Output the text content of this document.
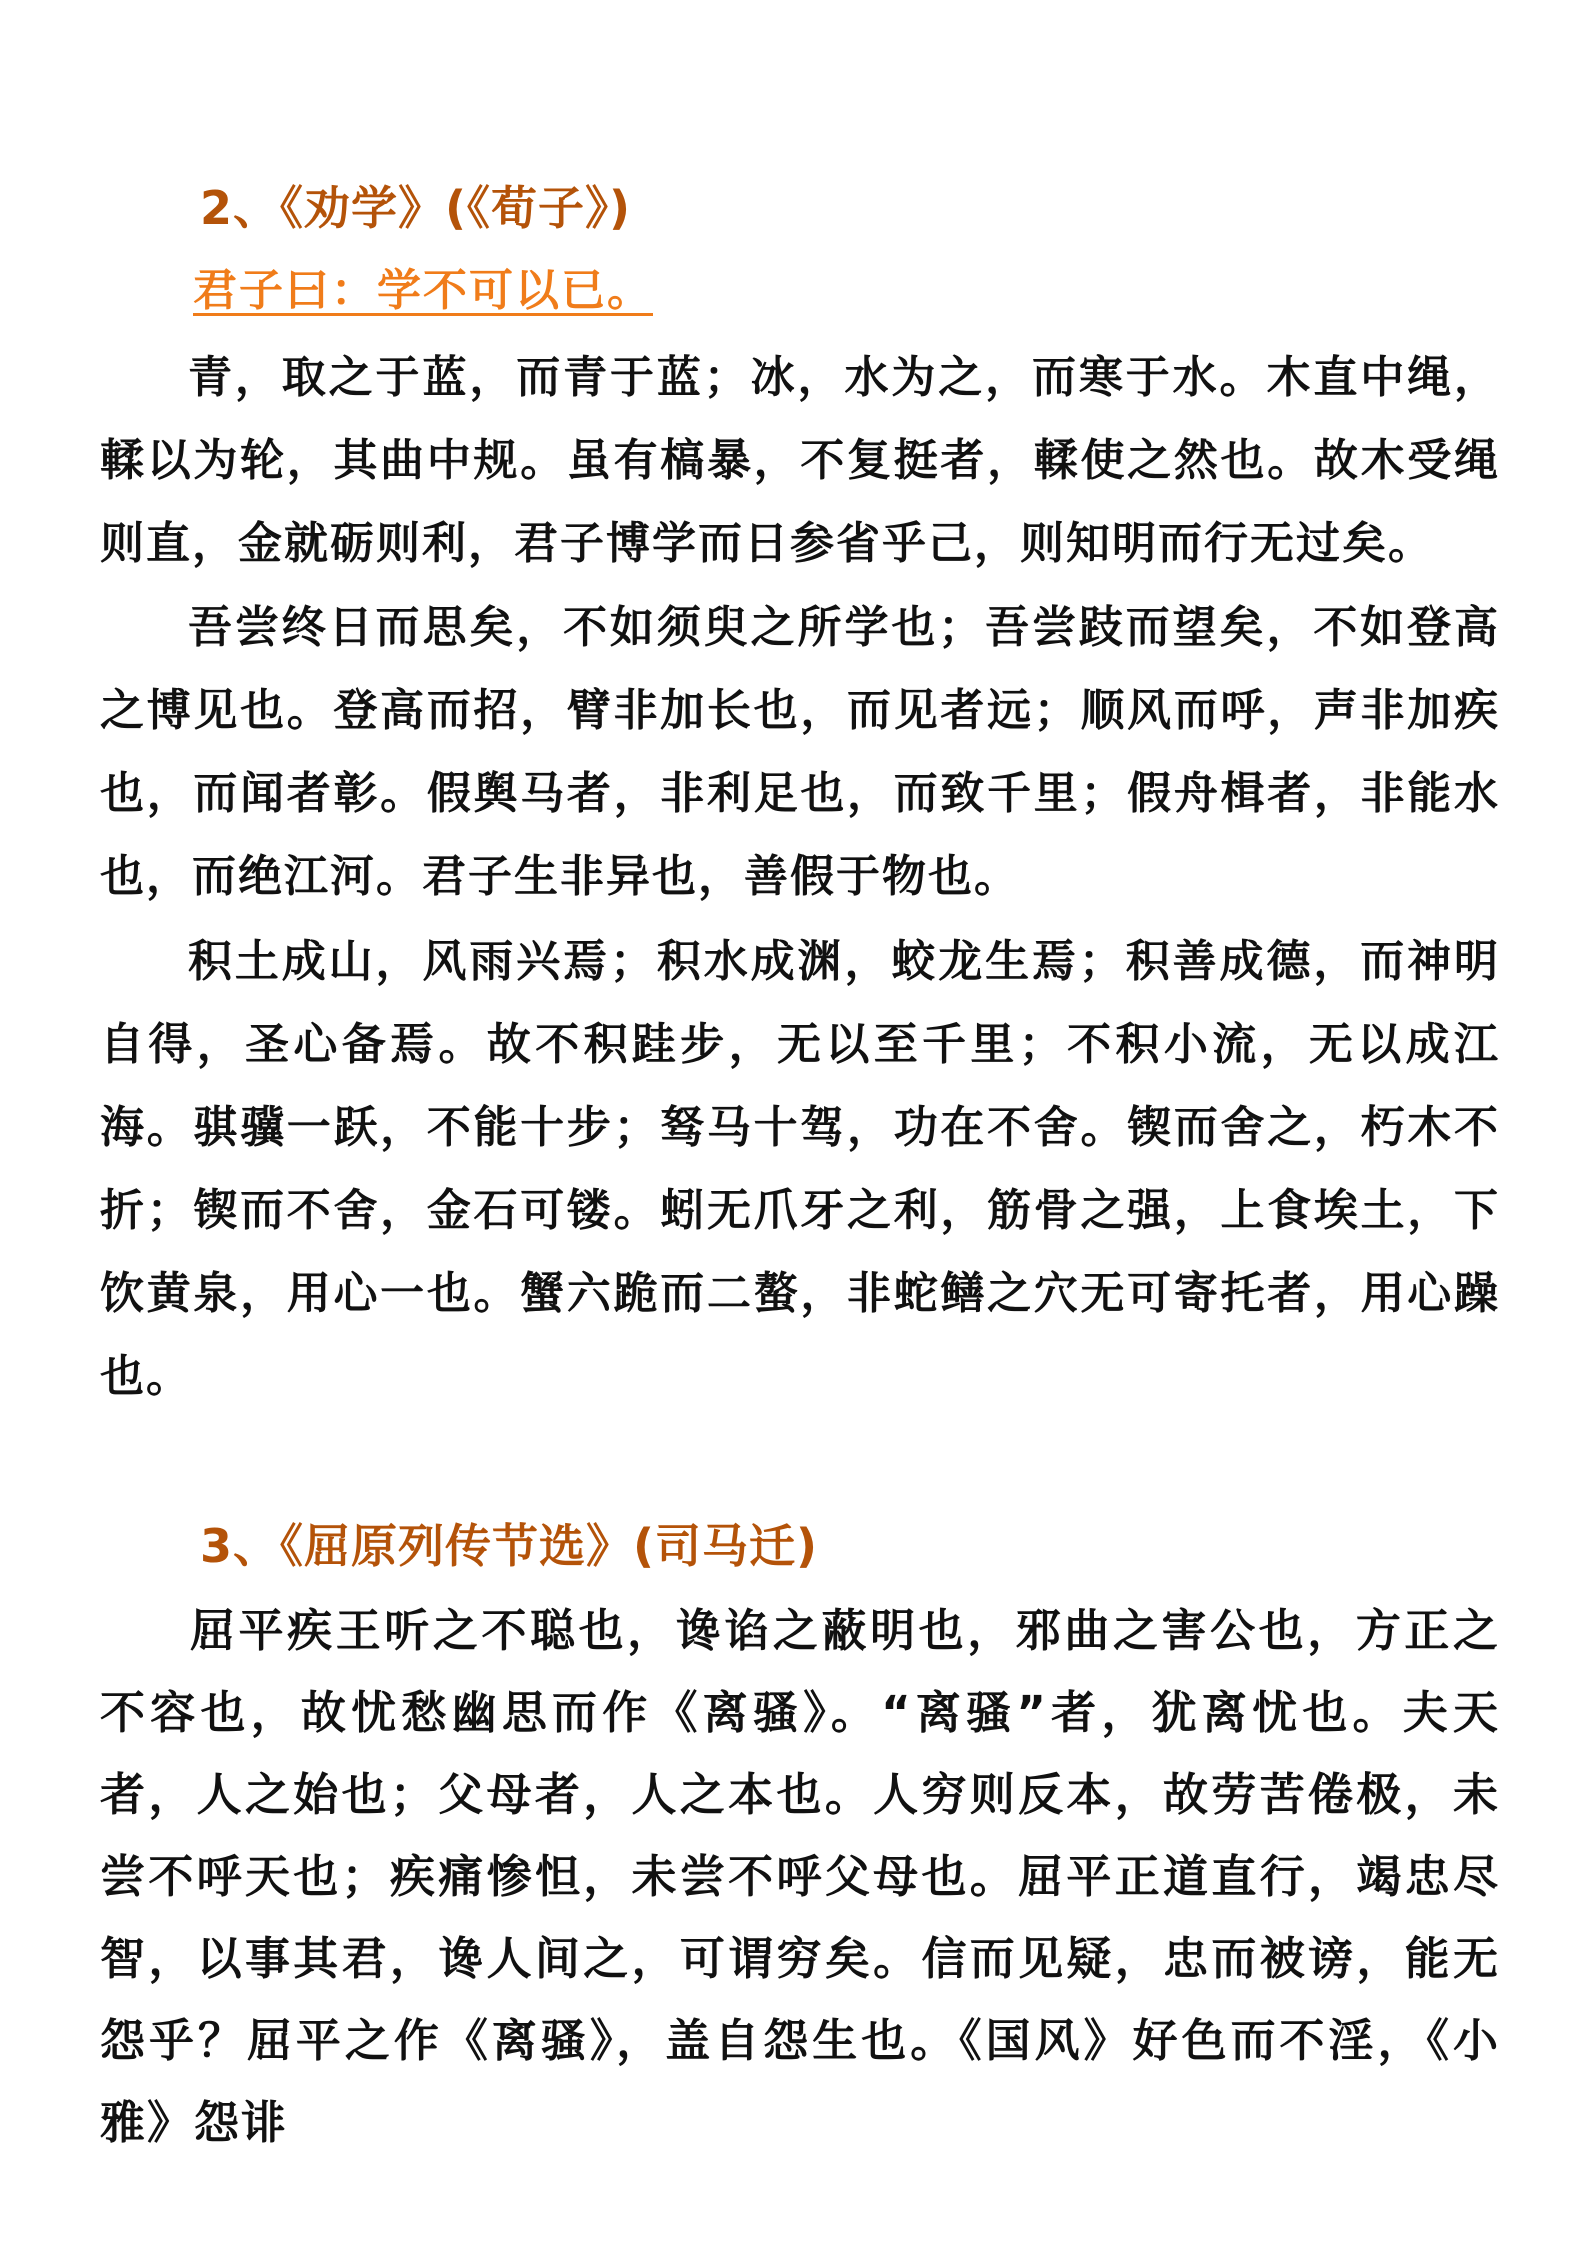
2、《劝学》(《荀子》)
君子曰：学不可以已。

青，取之于蓝，而青于蓝；冰，水为之，而寒于水。木直中绳，輮以为轮，其曲中规。虽有槁暴，不复挺者，輮使之然也。故木受绳则直，金就砺则利，君子博学而日参省乎己，则知明而行无过矣。

吾尝终日而思矣，不如须臾之所学也；吾尝跂而望矣，不如登高之博见也。登高而招，臂非加长也，而见者远；顺风而呼，声非加疾也，而闻者彰。假舆马者，非利足也，而致千里；假舟楫者，非能水也，而绝江河。君子生非异也，善假于物也。

积土成山，风雨兴焉；积水成渊，蛟龙生焉；积善成德，而神明自得，圣心备焉。故不积跬步，无以至千里；不积小流，无以成江海。骐骥一跃，不能十步；驽马十驾，功在不舍。锲而舍之，朽木不折；锲而不舍，金石可镂。蚓无爪牙之利，筋骨之强，上食埃土，下饮黄泉，用心一也。蟹六跪而二螯，非蛇鳝之穴无可寄托者，用心躁也。

3、《屈原列传节选》(司马迁)

屈平疾王听之不聪也，谗谄之蔽明也，邪曲之害公也，方正之不容也，故忧愁幽思而作《离骚》。“离骚”者，犹离忧也。夫天者，人之始也；父母者，人之本也。人穷则反本，故劳苦倦极，未尝不呼天也；疾痛惨怛，未尝不呼父母也。屈平正道直行，竭忠尽智，以事其君，谗人间之，可谓穷矣。信而见疑，忠而被谤，能无怨乎？屈平之作《离骚》，盖自怨生也。《国风》好色而不淫，《小雅》怨诽
